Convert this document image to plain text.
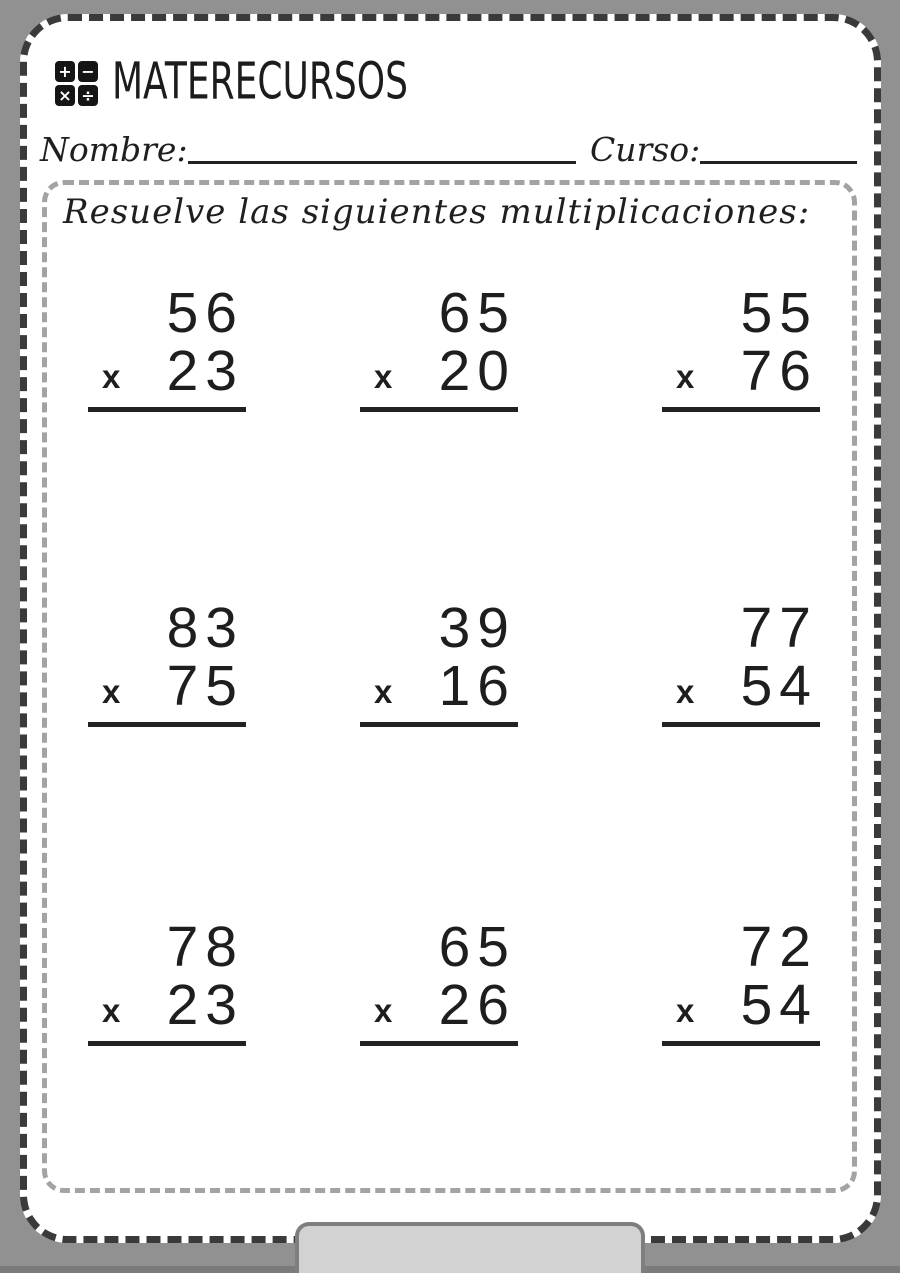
+ −
× ÷ MATERECURSOS
Nombre:	Curso:
Resuelve las siguientes multiplicaciones:
56
x 23
65
x 20
55
x 76
83
x 75
39
x 16
77
x 54
78
x 23
65
x 26
72
x 54
